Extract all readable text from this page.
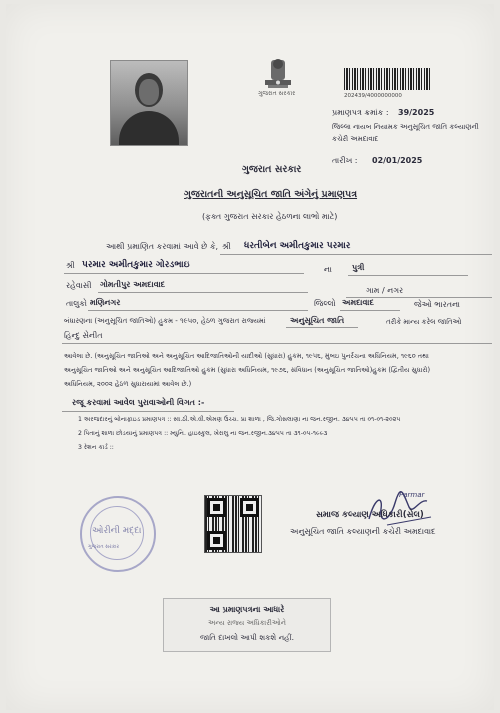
ગુજરાત સરકાર	202439/4000000000
પ્રમાણપત્ર ક્રમાંક : 39/2025
જિલ્લા નાયબ નિયામક અનુસૂચિત જાતિ કલ્યાણની
કચેરી અમદાવાદ
તારીખ : 02/01/2025
ગુજરાત સરકાર
ગુજરાતની અનુસૂચિત જાતિ અંગેનું પ્રમાણપત્ર
(ફક્ત ગુજરાત સરકાર હેઠળના લાભો માટે)
આથી પ્રમાણિત કરવામાં આવે છે કે, શ્રી ધરતીબેન અમીતકુમાર પરમાર
શ્રી પરમાર અમીતકુમાર ગોરડભાઇ	ના	પુત્રી
રહેવાસી ગોમતીપુર અમદાવાદ
ગામ / નગર
તાલુકો મણિનગર	જિલ્લો અમદાવાદ	જેઓ ભારતના
બંધારણના (અનુસૂચિત જાતિઓ) હુકમ - ૧૯૫૦, હેઠળ ગુજરાત રાજ્યમાં	અનુસૂચિત જાતિ	તરીકે માન્ય કરેલ જાતિઓ
હિન્દુ સેનીત
આવેલા છે. (અનુસૂચિત જાતિઓ અને અનુસૂચિત આદિજાતિઓની યાદીઓ (સુધારા) હુકમ, ૧૯૫૬, મુંબઇ પુનર્રચના અધિનિયમ, ૧૯૬૦ તથા
અનુસૂચિત જાતિઓ અને અનુસૂચિત આદિજાતિઓ હુકમ (સુધારા અધિનિયમ, ૧૯૭૬, સંવિધાન (અનુસૂચિત જાતિઓ)હુકમ (દ્વિતીય સુધારો)
અધિનિયમ, ૨૦૦૨ હેઠળ સુધારાયામાં આવેલ છે.)
રજૂ કરવામાં આવેલ પુરાવાઓની વિગત :-
1 અરજદારનું બોનાફાઇડ પ્રમાણપત્ર :: સ્વ.ઠી.એ.વી.એમણ ઉચ્ચ. પ્રા શાળા , જિ.ગોસલાણા ના જન.રજીન. ૩૪૫૫ તા ૦૧-૦૧-૨૦૨૫
2 પિતાનું શાળા છોડયાનું પ્રમાણપત્ર :: મ્યુનિ. હાઇસ્કુલ, ખેરાલુ ના જન.રજીન.૩૪૫૫ તા ૩૧-૦૫-૧૯૯૩
3 રેશન કાર્ડ ::
ઓરીની મદ્દા
ગુજરાત સરકાર
Parmar
સમાજ કલ્યાણ અધિકારી(સેલ)
અનુસૂચિત જાતિ કલ્યાણની કચેરી અમદાવાદ
આ પ્રમાણપત્રના આધારે
અન્ય રાજ્ય અધિકારીઓને
જાતિ દાખલો આપી શકશે નહીં.
